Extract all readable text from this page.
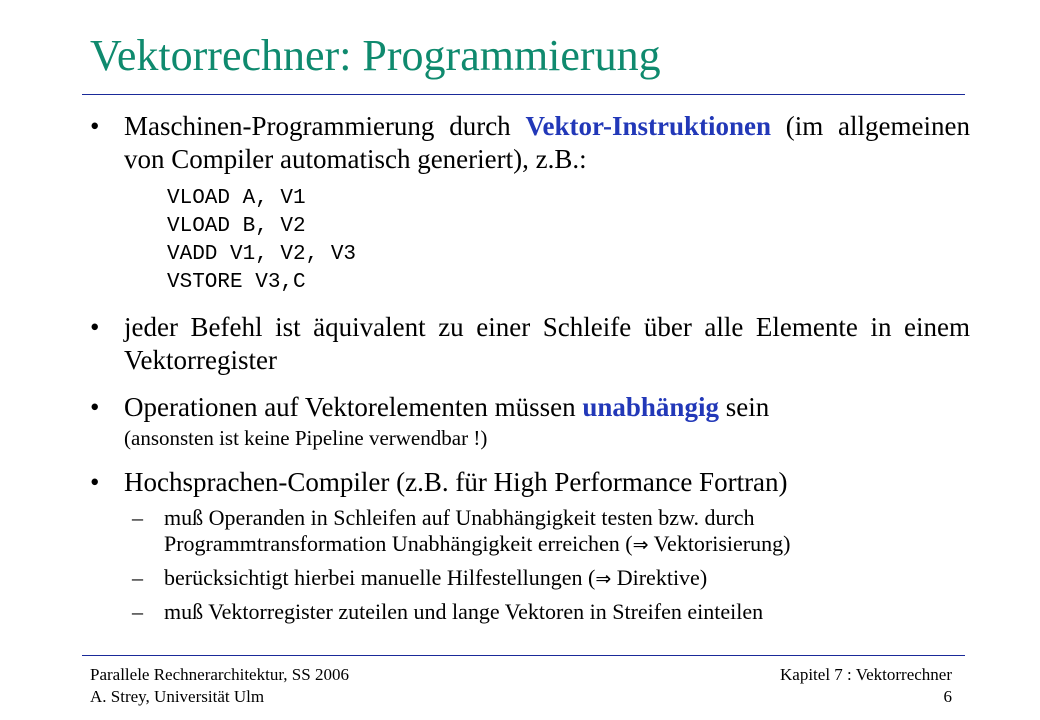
Vektorrechner: Programmierung
• Maschinen-Programmierung durch Vektor-Instruktionen (im allgemeinen von Compiler automatisch generiert), z.B.:
VLOAD A, V1
VLOAD B, V2
VADD V1, V2, V3
VSTORE V3,C
• jeder Befehl ist äquivalent zu einer Schleife über alle Elemente in einem Vektorregister
• Operationen auf Vektorelementen müssen unabhängig sein
(ansonsten ist keine Pipeline verwendbar !)
• Hochsprachen-Compiler (z.B. für High Performance Fortran)
– muß Operanden in Schleifen auf Unabhängigkeit testen bzw. durch Programmtransformation Unabhängigkeit erreichen (⇒ Vektorisierung)
– berücksichtigt hierbei manuelle Hilfestellungen (⇒ Direktive)
– muß Vektorregister zuteilen und lange Vektoren in Streifen einteilen
Parallele Rechnerarchitektur, SS 2006
A. Strey, Universität Ulm
Kapitel 7 : Vektorrechner
6
